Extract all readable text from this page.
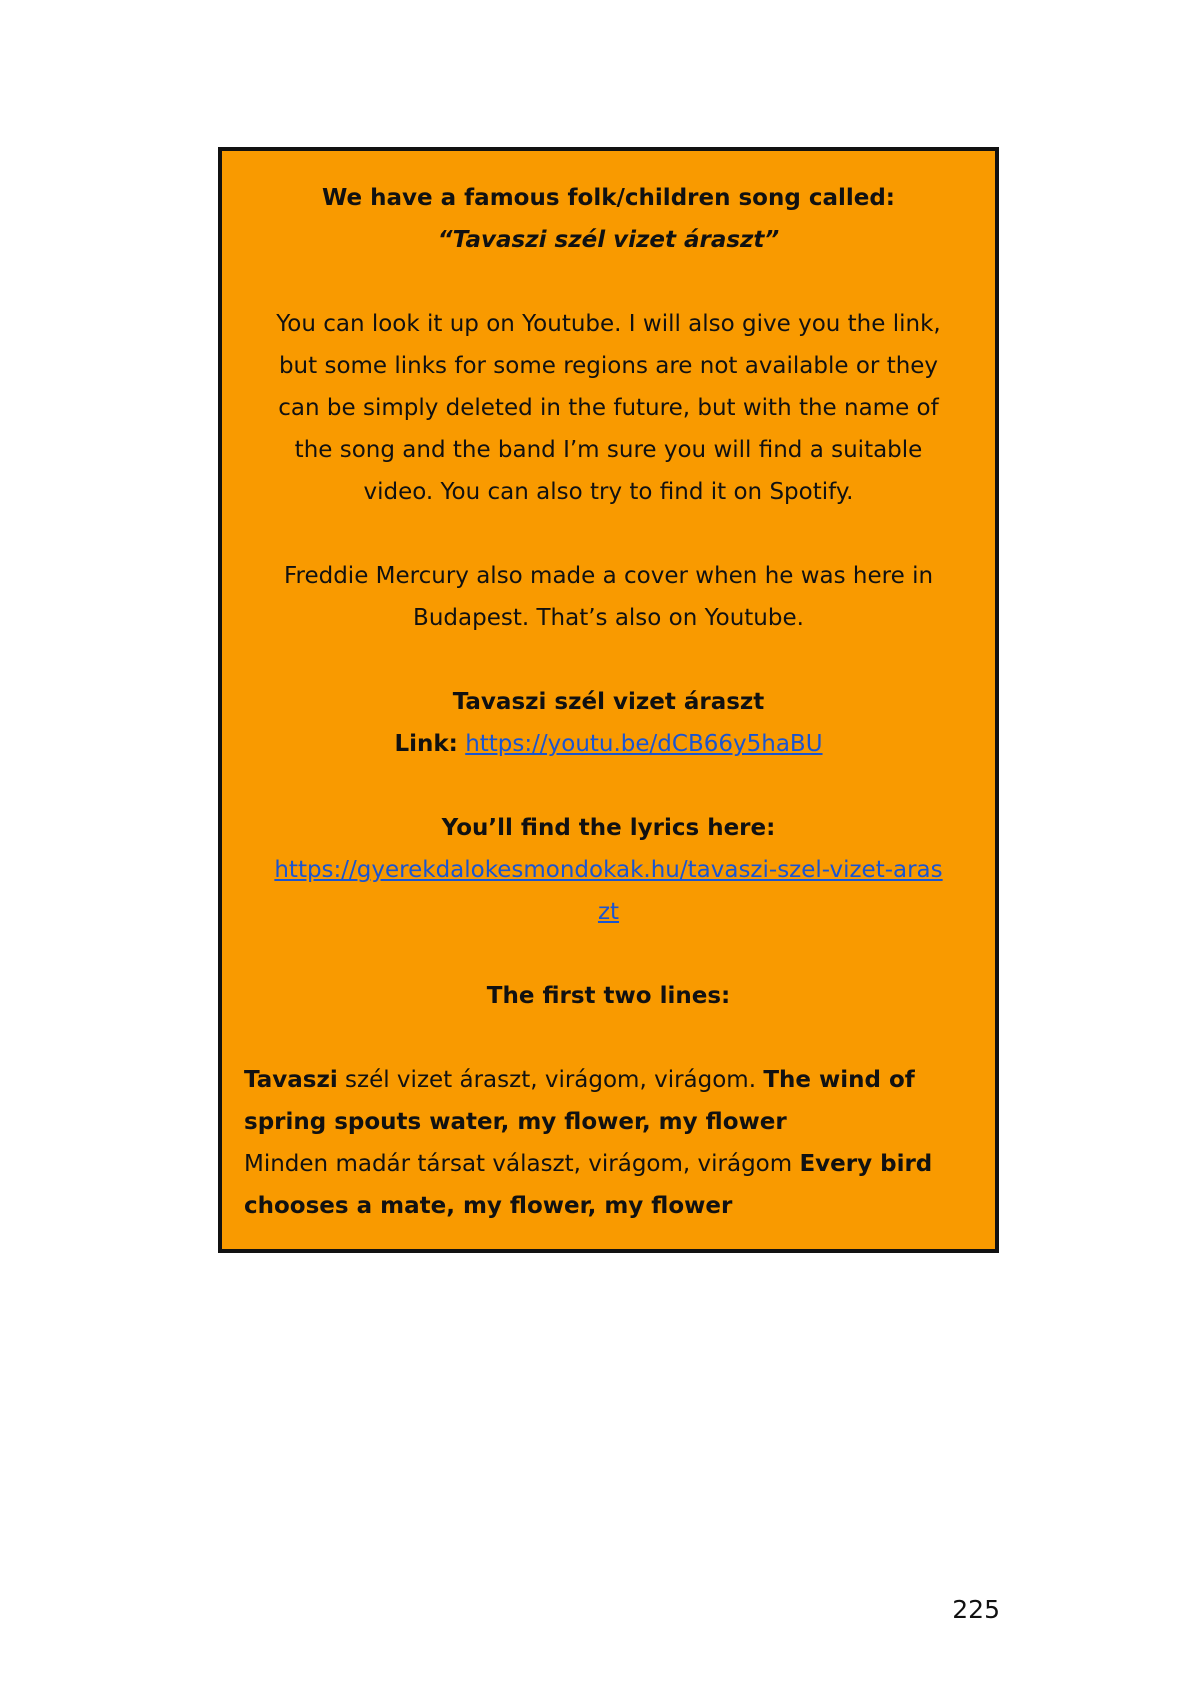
We have a famous folk/children song called:

“Tavaszi szél vizet áraszt”

You can look it up on Youtube. I will also give you the link,

but some links for some regions are not available or they

can be simply deleted in the future, but with the name of

the song and the band I’m sure you will find a suitable

video. You can also try to find it on Spotify.

Freddie Mercury also made a cover when he was here in

Budapest. That’s also on Youtube.

Tavaszi szél vizet áraszt

Link: https://youtu.be/dCB66y5haBU

You’ll find the lyrics here:

https://gyerekdalokesmondokak.hu/tavaszi-szel-vizet-aras

zt

The first two lines:

Tavaszi szél vizet áraszt, virágom, virágom. The wind of spring spouts water, my flower, my flower

Minden madár társat választ, virágom, virágom Every bird chooses a mate, my flower, my flower

225
